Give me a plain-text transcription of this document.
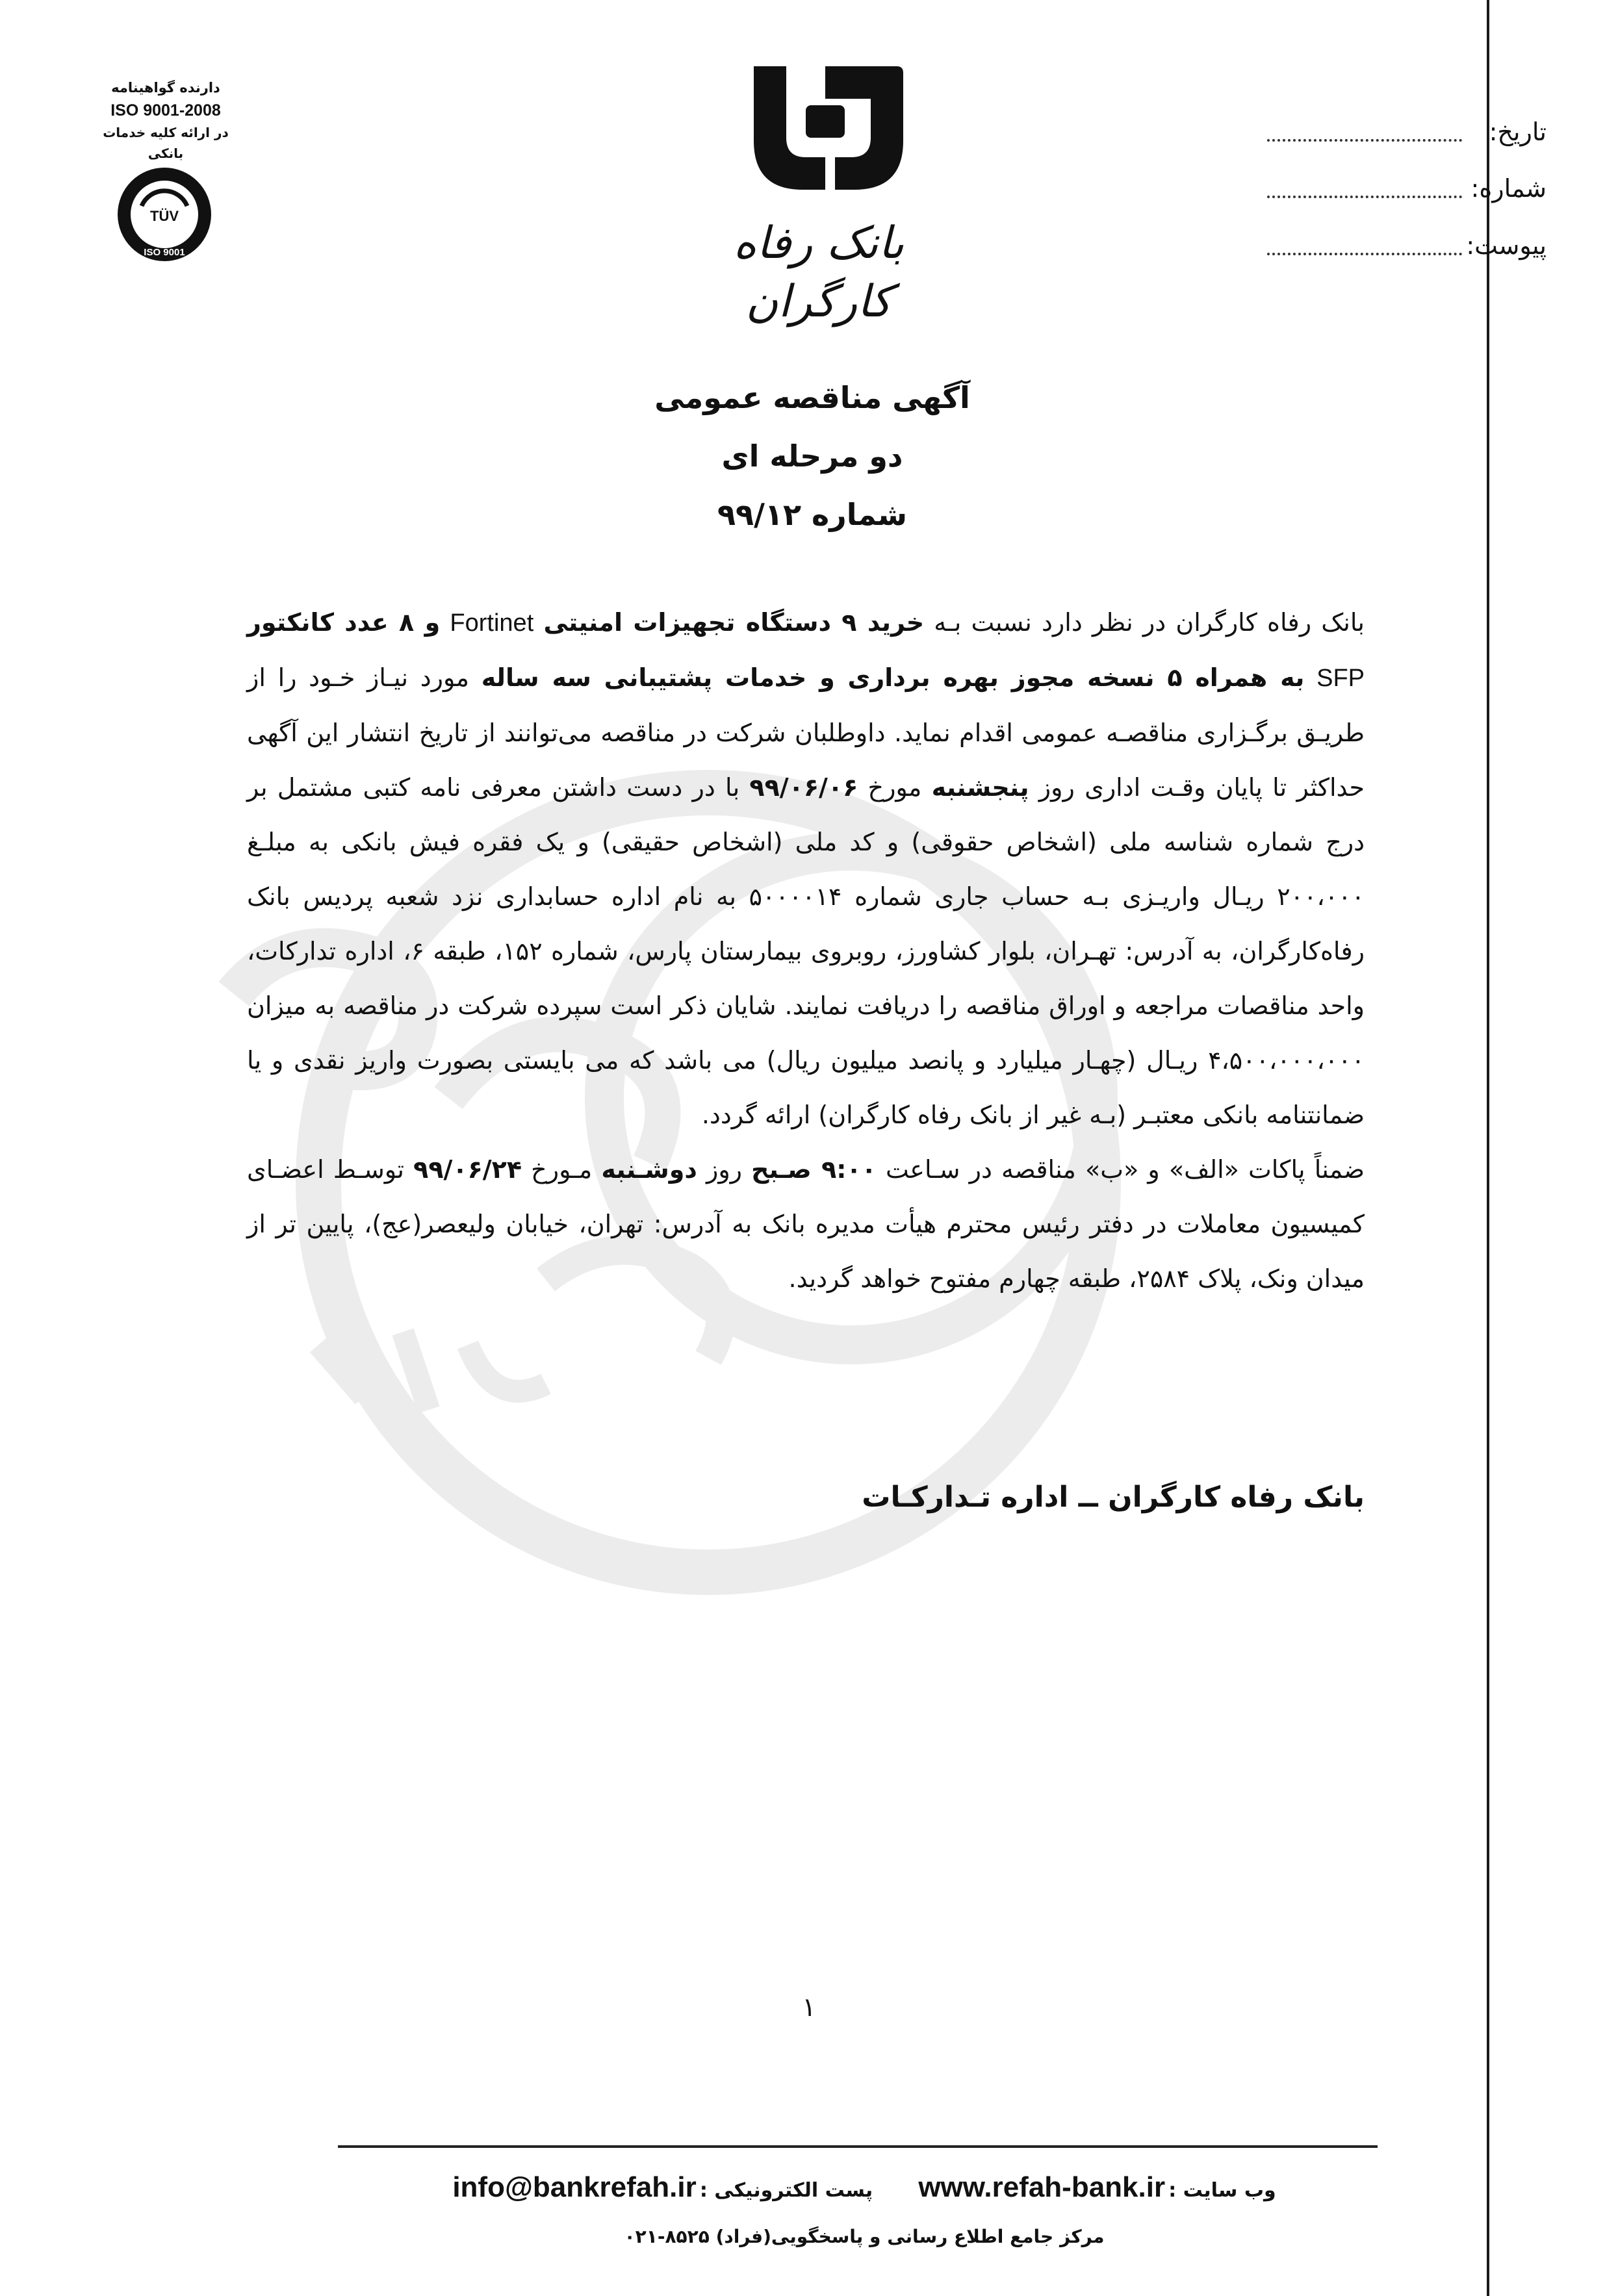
دارنده گواهینامه
ISO 9001-2008
در ارائه کلیه خدمات بانکی
TÜV
ISO 9001	بانک رفاه کارگران
تاریخ:
شماره:
پیوست:
آگهی مناقصه عمومی
دو مرحله ای
شماره ۹۹/۱۲

بانک رفاه کارگران در نظر دارد نسبت بـه خرید ۹ دستگاه تجهیزات امنیتی Fortinet و ۸ عدد کانکتور SFP به همراه ۵ نسخه مجوز بهره برداری و خدمات پشتیبانی سه ساله مورد نیـاز خـود را از طریـق برگـزاری مناقصـه عمومی اقدام نماید. داوطلبان شرکت در مناقصه می‌توانند از تاریخ انتشار این آگهی حداکثر تا پایان وقـت اداری روز پنجشنبه مورخ ۹۹/۰۶/۰۶ با در دست داشتن معرفی نامه کتبی مشتمل بر درج شماره شناسه ملی (اشخاص حقوقی) و کد ملی (اشخاص حقیقی) و یک فقره فیش بانکی به مبلـغ ۲۰۰،۰۰۰ ریـال واریـزی بـه حساب جاری شماره ۵۰۰۰۰۱۴ به نام اداره حسابداری نزد شعبه پردیس بانک رفاه‌کارگران، به آدرس: تهـران، بلوار کشاورز، روبروی بیمارستان پارس، شماره ۱۵۲، طبقه ۶، اداره تدارکات، واحد مناقصات مراجعه و اوراق مناقصه را دریافت نمایند. شایان ذکر است سپرده شرکت در مناقصه به میزان ۴،۵۰۰،۰۰۰،۰۰۰ ریـال (چهـار میلیارد و پانصد میلیون ریال) می باشد که می بایستی بصورت واریز نقدی و یا ضمانتنامه بانکی معتبـر (بـه غیر از بانک رفاه کارگران) ارائه گردد.

ضمناً پاکات «الف» و «ب» مناقصه در سـاعت ۹:۰۰ صـبح روز دوشـنبه مـورخ ۹۹/۰۶/۲۴ توسـط اعضـای کمیسیون معاملات در دفتر رئیس محترم هیأت مدیره بانک به آدرس: تهران، خیابان ولیعصر(عج)، پایین تر از میدان ونک، پلاک ۲۵۸۴، طبقه چهارم مفتوح خواهد گردید.

بانک رفاه کارگران ــ اداره تـدارکـات
۱
وب سایت : www.refah-bank.ir  پست الکترونیکی : info@bankrefah.ir
مرکز جامع اطلاع رسانی و پاسخگویی(فراد) ۸۵۲۵-۰۲۱
